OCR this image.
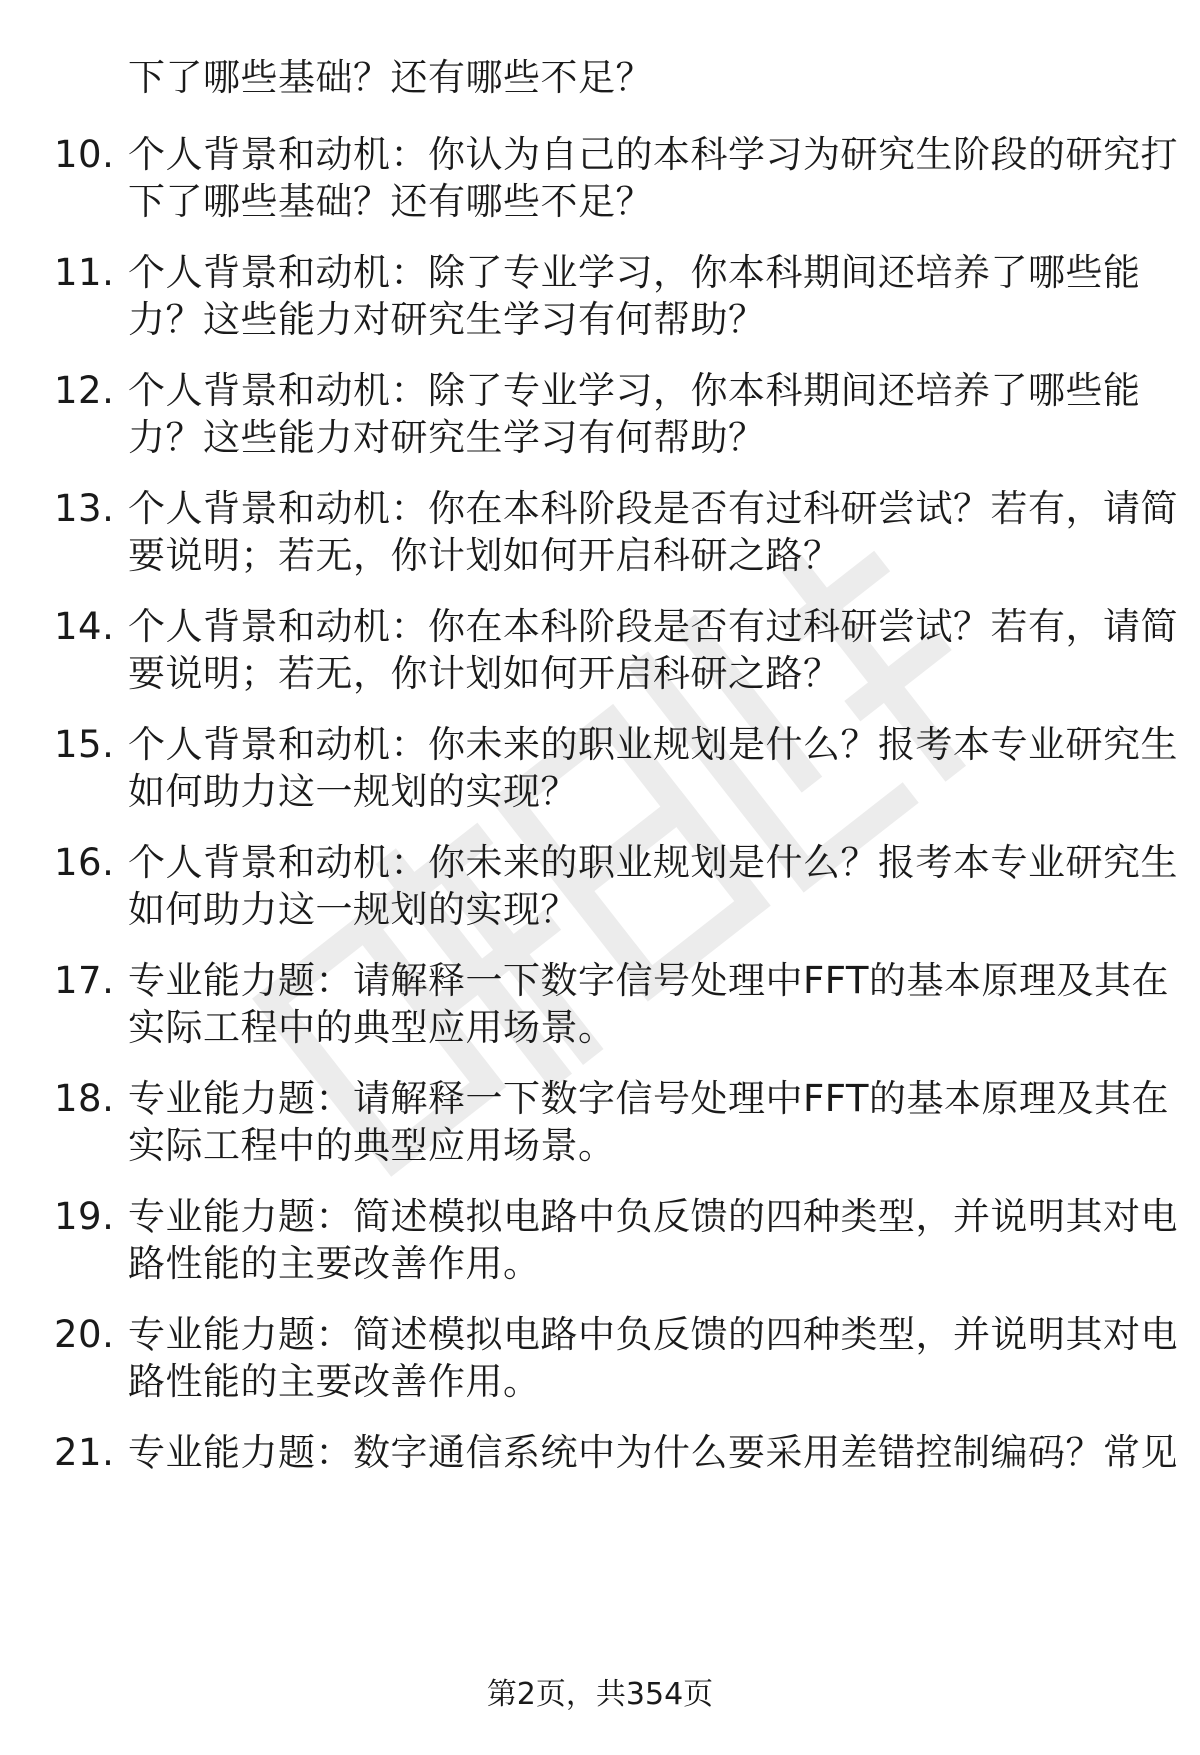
下了哪些基础？还有哪些不足？
10. 个人背景和动机：你认为自己的本科学习为研究生阶段的研究打
下了哪些基础？还有哪些不足？
11. 个人背景和动机：除了专业学习，你本科期间还培养了哪些能
力？这些能力对研究生学习有何帮助？
12. 个人背景和动机：除了专业学习，你本科期间还培养了哪些能
力？这些能力对研究生学习有何帮助？
13. 个人背景和动机：你在本科阶段是否有过科研尝试？若有，请简
要说明；若无，你计划如何开启科研之路？
14. 个人背景和动机：你在本科阶段是否有过科研尝试？若有，请简
要说明；若无，你计划如何开启科研之路？
15. 个人背景和动机：你未来的职业规划是什么？报考本专业研究生
如何助力这一规划的实现？
16. 个人背景和动机：你未来的职业规划是什么？报考本专业研究生
如何助力这一规划的实现？
17. 专业能力题：请解释一下数字信号处理中FFT的基本原理及其在
实际工程中的典型应用场景。
18. 专业能力题：请解释一下数字信号处理中FFT的基本原理及其在
实际工程中的典型应用场景。
19. 专业能力题：简述模拟电路中负反馈的四种类型，并说明其对电
路性能的主要改善作用。
20. 专业能力题：简述模拟电路中负反馈的四种类型，并说明其对电
路性能的主要改善作用。
21. 专业能力题：数字通信系统中为什么要采用差错控制编码？常见
第2页，共354页
